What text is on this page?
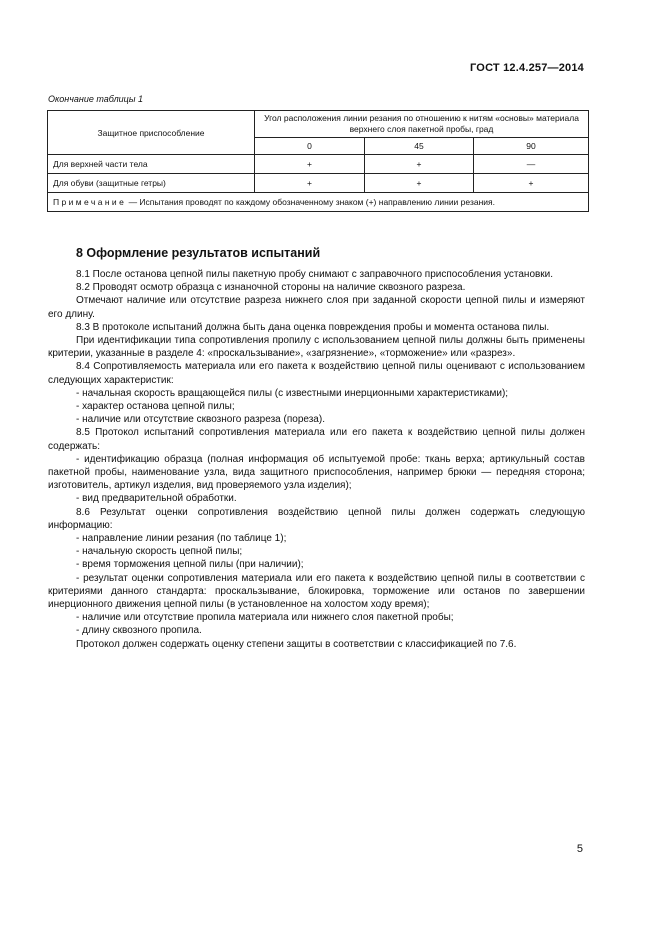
ГОСТ 12.4.257—2014
Окончание таблицы 1
Защитное приспособление	Угол расположения линии резания по отношению к нитям «основы» материала верхнего слоя пакетной пробы, град		
	0	45	90
Для верхней части тела	+	+	—
Для обуви (защитные гетры)	+	+	+
Примечание — Испытания проводят по каждому обозначенному знаком (+) направлению линии резания.			
8 Оформление результатов испытаний

8.1 После останова цепной пилы пакетную пробу снимают с заправочного приспособления установки.

8.2 Проводят осмотр образца с изнаночной стороны на наличие сквозного разреза.

Отмечают наличие или отсутствие разреза нижнего слоя при заданной скорости цепной пилы и измеряют его длину.

8.3 В протоколе испытаний должна быть дана оценка повреждения пробы и момента останова пилы.

При идентификации типа сопротивления пропилу с использованием цепной пилы должны быть применены критерии, указанные в разделе 4: «проскальзывание», «загрязнение», «торможение» или «разрез».

8.4 Сопротивляемость материала или его пакета к воздействию цепной пилы оценивают с использованием следующих характеристик:

- начальная скорость вращающейся пилы (с известными инерционными характеристиками);

- характер останова цепной пилы;

- наличие или отсутствие сквозного разреза (пореза).

8.5 Протокол испытаний сопротивления материала или его пакета к воздействию цепной пилы должен содержать:

- идентификацию образца (полная информация об испытуемой пробе: ткань верха; артикульный состав пакетной пробы, наименование узла, вида защитного приспособления, например брюки — передняя сторона; изготовитель, артикул изделия, вид проверяемого узла изделия);

- вид предварительной обработки.

8.6 Результат оценки сопротивления воздействию цепной пилы должен содержать следующую информацию:

- направление линии резания (по таблице 1);

- начальную скорость цепной пилы;

- время торможения цепной пилы (при наличии);

- результат оценки сопротивления материала или его пакета к воздействию цепной пилы в соответствии с критериями данного стандарта: проскальзывание, блокировка, торможение или останов по завершении инерционного движения цепной пилы (в установленное на холостом ходу время);

- наличие или отсутствие пропила материала или нижнего слоя пакетной пробы;

- длину сквозного пропила.

Протокол должен содержать оценку степени защиты в соответствии с классификацией по 7.6.

5
